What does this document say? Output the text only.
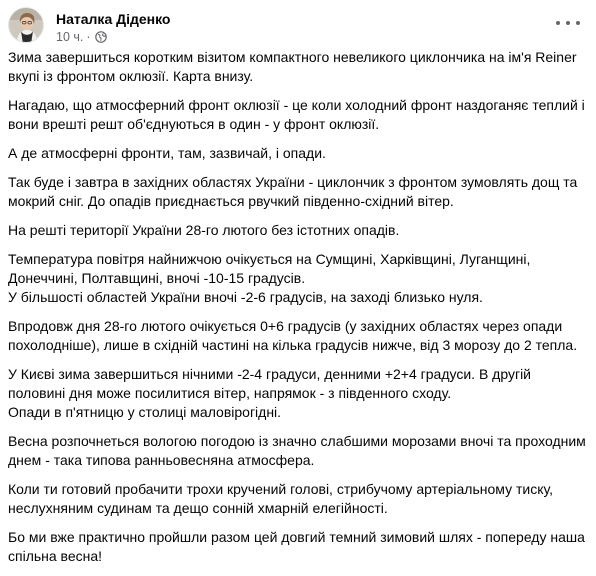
Наталка Діденко
10 ч. ·

Зима завершиться коротким візитом компактного невеликого циклончика на ім'я Reiner вкупі із фронтом оклюзії. Карта внизу.

Нагадаю, що атмосферний фронт оклюзії - це коли холодний фронт наздоганяє теплий і вони врешті решт об'єднуються в один - у фронт оклюзії.

А де атмосферні фронти, там, зазвичай, і опади.

Так буде і завтра в західних областях України - циклончик з фронтом зумовлять дощ та мокрий сніг. До опадів приєднається рвучкий південно-східний вітер.

На решті території України 28-го лютого без істотних опадів.

Температура повітря найнижчою очікується на Сумщині, Харківщині, Луганщині, Донеччині, Полтавщині, вночі -10-15 градусів.

У більшості областей України вночі -2-6 градусів, на заході близько нуля.

Впродовж дня 28-го лютого очікується 0+6 градусів (у західних областях через опади похолодніше), лише в східній частині на кілька градусів нижче, від 3 морозу до 2 тепла.

У Києві зима завершиться нічними -2-4 градуси, денними +2+4 градуси. В другій половині дня може посилитися вітер, напрямок - з південного сходу.

Опади в п'ятницю у столиці маловірогідні.

Весна розпочнеться вологою погодою із значно слабшими морозами вночі та проходним днем - така типова ранньовесняна атмосфера.

Коли ти готовий пробачити трохи кручений голові, стрибучому артеріальному тиску, неслухняним судинам та дещо сонній хмарній елегійності.

Бо ми вже практично пройшли разом цей довгий темний зимовий шлях - попереду наша спільна весна!
